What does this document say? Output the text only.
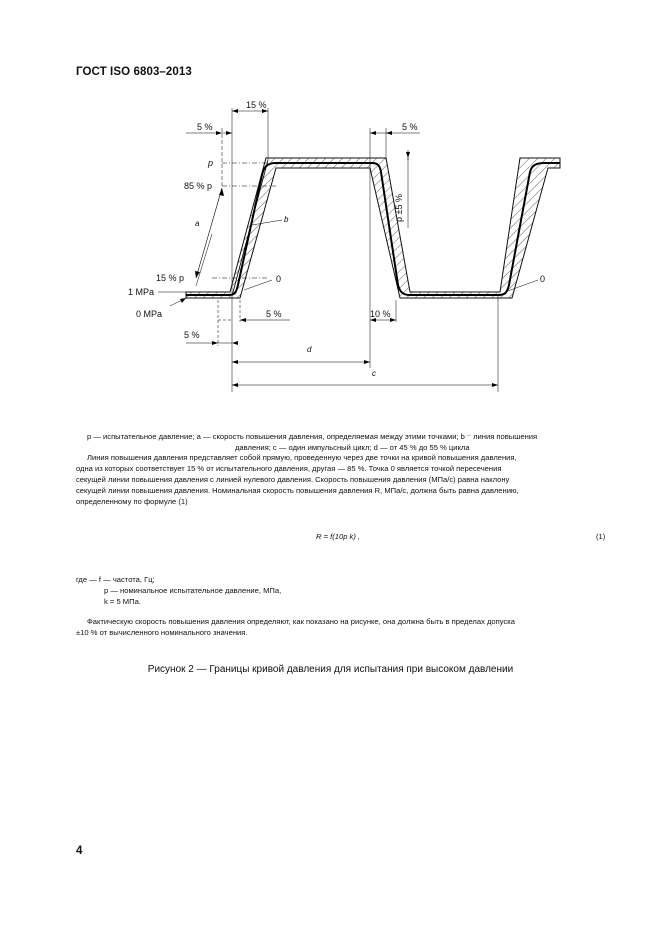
ГОСТ ISO 6803–2013
15 %
5 %	5 %
p
85 % p
p ±5 %
a	b
15 % p	0	0
1 MPa
0 MPa
5 %
5 %	10 %
d
c
p — испытательное давление; a — скорость повышения давления, определяемая между этими точками; b ⁻ линия повышения
давления; c — один импульсный цикл; d — от 45 % до 55 % цикла
Линия повышения давления представляет собой прямую, проведенную через две точки на кривой повышения давления,
одна из которых соответствует 15 % от испытательного давления, другая — 85 %. Точка 0 является точкой пересечения
секущей линии повышения давления с линией нулевого давления. Скорость повышения давления (МПа/с) равна наклону
секущей линии повышения давления. Номинальная скорость повышения давления R, МПа/с, должна быть равна давлению,
определенному по формуле (1)
R = f(10p k) ,	(1)
где — f — частота, Гц;
p — номинальное испытательное давление, МПа,
k = 5 МПа.
Фактическую скорость повышения давления определяют, как показано на рисунке, она должна быть в пределах допуска
±10 % от вычисленного номинального значения.
Рисунок 2 — Границы кривой давления для испытания при высоком давлении
4
